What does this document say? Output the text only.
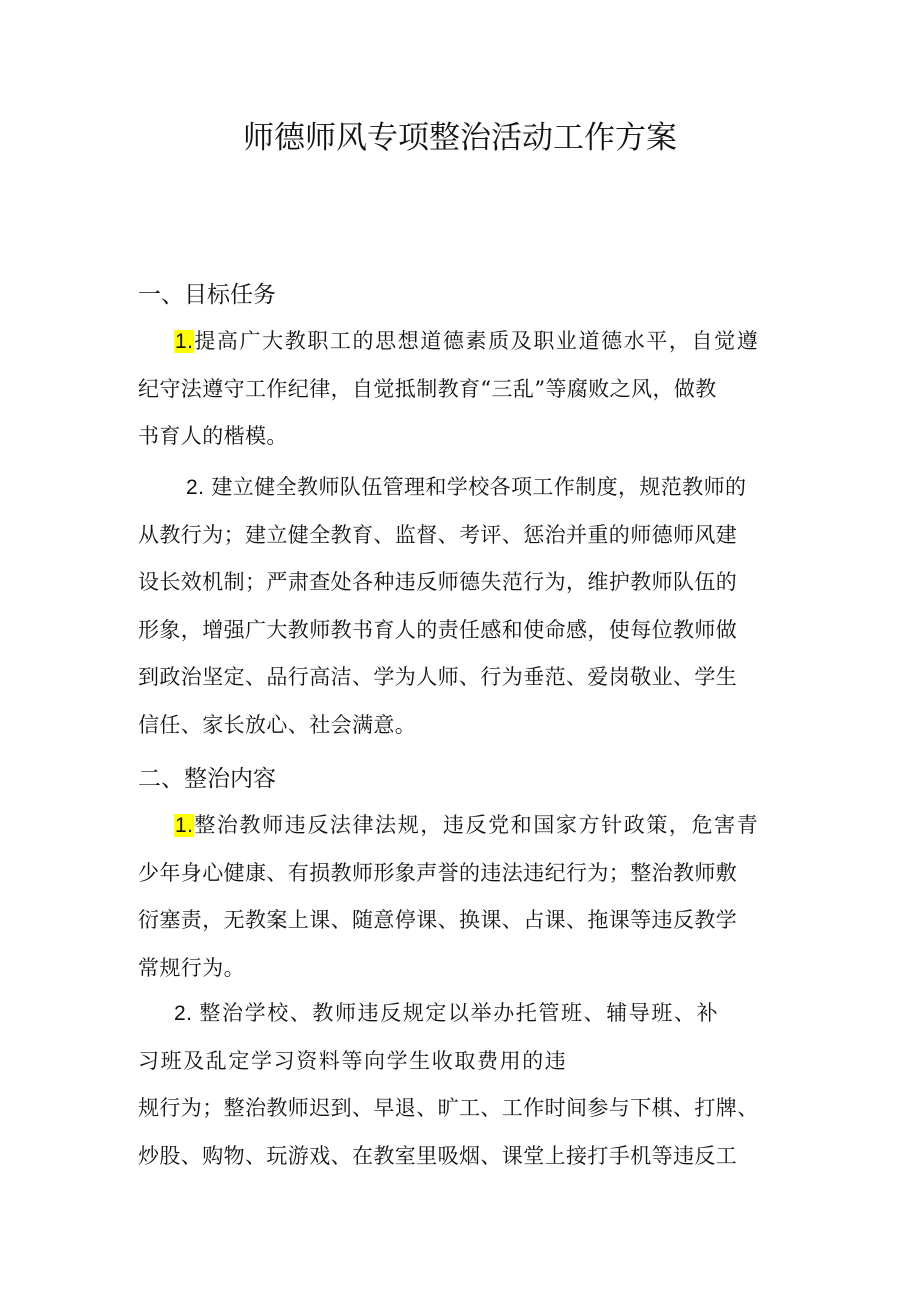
师德师风专项整治活动工作方案
一、目标任务
1.提高广大教职工的思想道德素质及职业道德水平，自觉遵
纪守法遵守工作纪律，自觉抵制教育“三乱”等腐败之风，做教
书育人的楷模。
2. 建立健全教师队伍管理和学校各项工作制度，规范教师的
从教行为；建立健全教育、监督、考评、惩治并重的师德师风建
设长效机制；严肃查处各种违反师德失范行为，维护教师队伍的
形象，增强广大教师教书育人的责任感和使命感，使每位教师做
到政治坚定、品行高洁、学为人师、行为垂范、爱岗敬业、学生
信任、家长放心、社会满意。
二、整治内容
1.整治教师违反法律法规，违反党和国家方针政策，危害青
少年身心健康、有损教师形象声誉的违法违纪行为；整治教师敷
衍塞责，无教案上课、随意停课、换课、占课、拖课等违反教学
常规行为。
2. 整治学校、教师违反规定以举办托管班、辅导班、补
习班及乱定学习资料等向学生收取费用的违
规行为；整治教师迟到、早退、旷工、工作时间参与下棋、打牌、
炒股、购物、玩游戏、在教室里吸烟、课堂上接打手机等违反工
